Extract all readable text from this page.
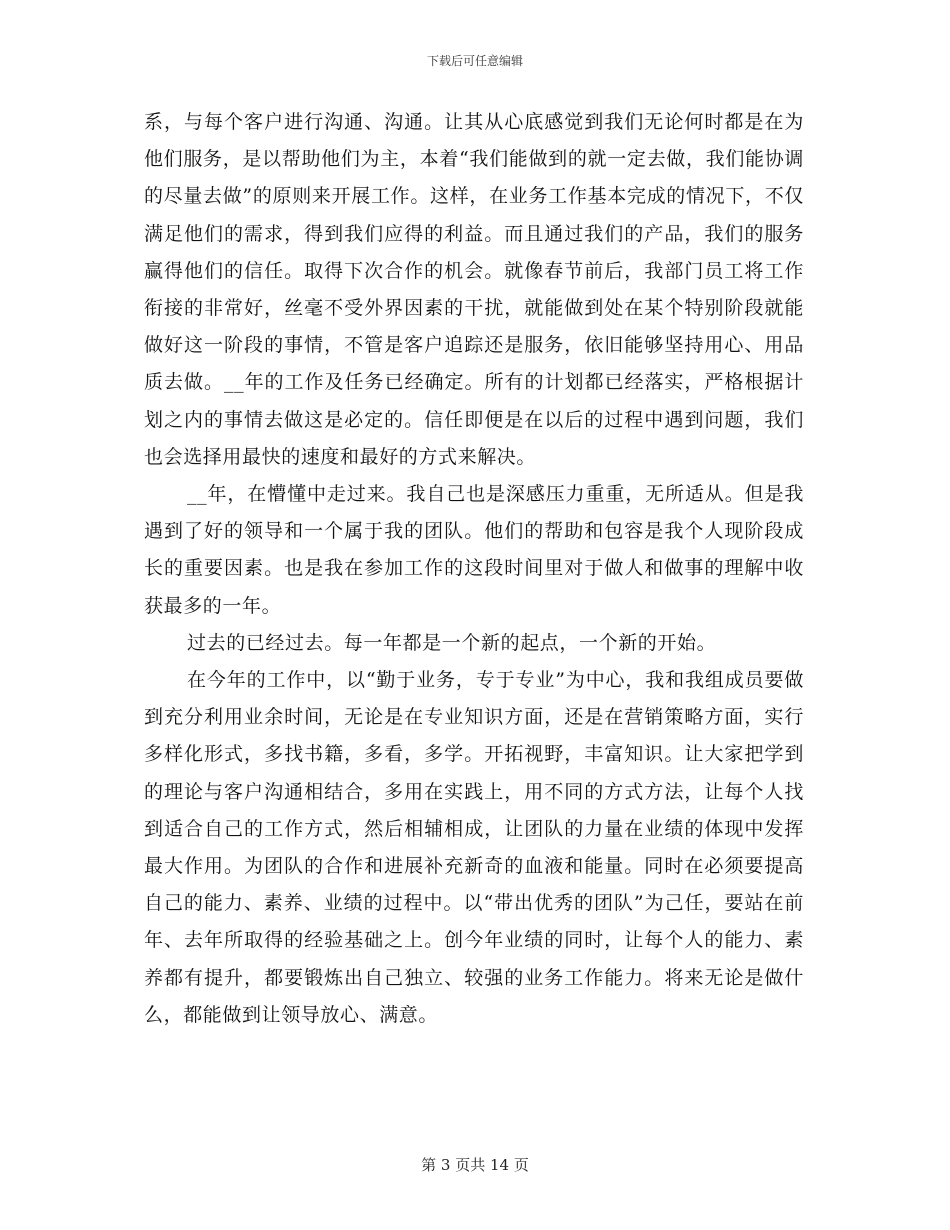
下载后可任意编辑

系，与每个客户进行沟通、沟通。让其从心底感觉到我们无论何时都是在为他们服务，是以帮助他们为主，本着“我们能做到的就一定去做，我们能协调的尽量去做”的原则来开展工作。这样，在业务工作基本完成的情况下，不仅满足他们的需求，得到我们应得的利益。而且通过我们的产品，我们的服务赢得他们的信任。取得下次合作的机会。就像春节前后，我部门员工将工作衔接的非常好，丝毫不受外界因素的干扰，就能做到处在某个特别阶段就能做好这一阶段的事情，不管是客户追踪还是服务，依旧能够坚持用心、用品质去做。__年的工作及任务已经确定。所有的计划都已经落实，严格根据计划之内的事情去做这是必定的。信任即便是在以后的过程中遇到问题，我们也会选择用最快的速度和最好的方式来解决。

__年，在懵懂中走过来。我自己也是深感压力重重，无所适从。但是我遇到了好的领导和一个属于我的团队。他们的帮助和包容是我个人现阶段成长的重要因素。也是我在参加工作的这段时间里对于做人和做事的理解中收获最多的一年。

过去的已经过去。每一年都是一个新的起点，一个新的开始。

在今年的工作中，以“勤于业务，专于专业”为中心，我和我组成员要做到充分利用业余时间，无论是在专业知识方面，还是在营销策略方面，实行多样化形式，多找书籍，多看，多学。开拓视野，丰富知识。让大家把学到的理论与客户沟通相结合，多用在实践上，用不同的方式方法，让每个人找到适合自己的工作方式，然后相辅相成，让团队的力量在业绩的体现中发挥最大作用。为团队的合作和进展补充新奇的血液和能量。同时在必须要提高自己的能力、素养、业绩的过程中。以“带出优秀的团队”为己任，要站在前年、去年所取得的经验基础之上。创今年业绩的同时，让每个人的能力、素养都有提升，都要锻炼出自己独立、较强的业务工作能力。将来无论是做什么，都能做到让领导放心、满意。

第 3 页共 14 页
